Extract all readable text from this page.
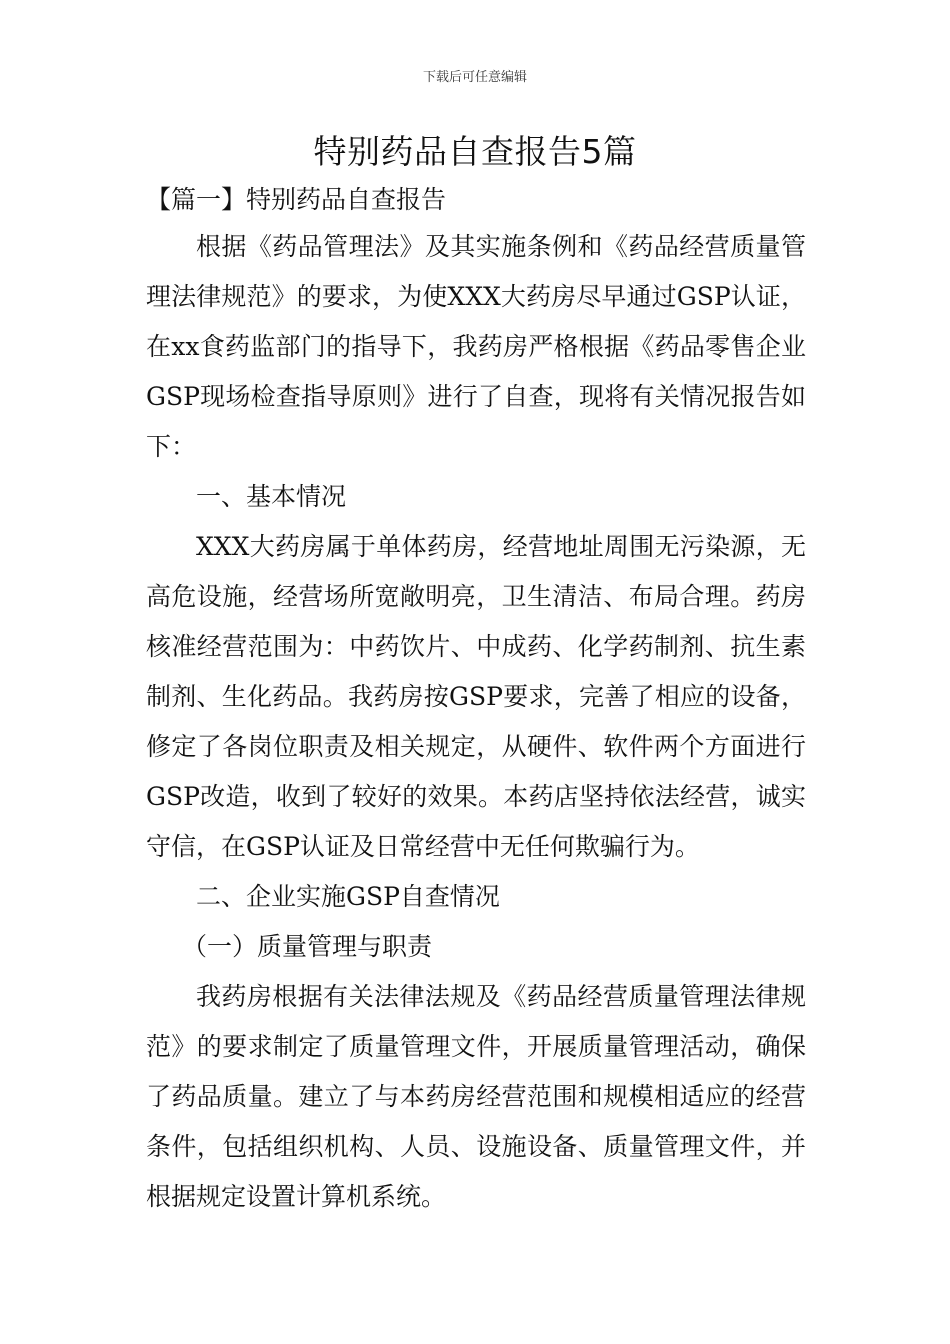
下载后可任意编辑
特别药品自查报告5篇
【篇一】特别药品自查报告

根据《药品管理法》及其实施条例和《药品经营质量管理法律规范》的要求，为使XXX大药房尽早通过GSP认证，在xx食药监部门的指导下，我药房严格根据《药品零售企业GSP现场检查指导原则》进行了自查，现将有关情况报告如下：

一、基本情况

XXX大药房属于单体药房，经营地址周围无污染源，无高危设施，经营场所宽敞明亮，卫生清洁、布局合理。药房核准经营范围为：中药饮片、中成药、化学药制剂、抗生素制剂、生化药品。我药房按GSP要求，完善了相应的设备，修定了各岗位职责及相关规定，从硬件、软件两个方面进行GSP改造，收到了较好的效果。本药店坚持依法经营，诚实守信，在GSP认证及日常经营中无任何欺骗行为。

二、企业实施GSP自查情况

（一）质量管理与职责

我药房根据有关法律法规及《药品经营质量管理法律规范》的要求制定了质量管理文件，开展质量管理活动，确保了药品质量。建立了与本药房经营范围和规模相适应的经营条件，包括组织机构、人员、设施设备、质量管理文件，并根据规定设置计算机系统。
